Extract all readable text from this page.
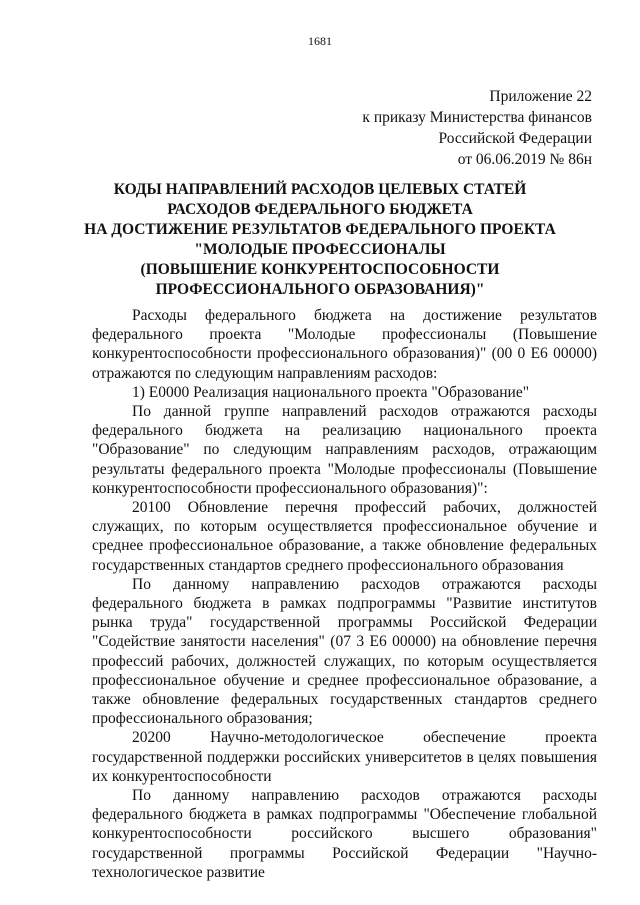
1681
Приложение 22
к приказу Министерства финансов
Российской Федерации
от 06.06.2019 № 86н
КОДЫ НАПРАВЛЕНИЙ РАСХОДОВ ЦЕЛЕВЫХ СТАТЕЙ
РАСХОДОВ ФЕДЕРАЛЬНОГО БЮДЖЕТА
НА ДОСТИЖЕНИЕ РЕЗУЛЬТАТОВ ФЕДЕРАЛЬНОГО ПРОЕКТА
"МОЛОДЫЕ ПРОФЕССИОНАЛЫ
(ПОВЫШЕНИЕ КОНКУРЕНТОСПОСОБНОСТИ
ПРОФЕССИОНАЛЬНОГО ОБРАЗОВАНИЯ)"

Расходы федерального бюджета на достижение результатов федерального проекта "Молодые профессионалы (Повышение конкурентоспособности профессионального образования)" (00 0 Е6 00000) отражаются по следующим направлениям расходов:

1) Е0000 Реализация национального проекта "Образование"

По данной группе направлений расходов отражаются расходы федерального бюджета на реализацию национального проекта "Образование" по следующим направлениям расходов, отражающим результаты федерального проекта "Молодые профессионалы (Повышение конкурентоспособности профессионального образования)":

20100 Обновление перечня профессий рабочих, должностей служащих, по которым осуществляется профессиональное обучение и среднее профессиональное образование, а также обновление федеральных государственных стандартов среднего профессионального образования

По данному направлению расходов отражаются расходы федерального бюджета в рамках подпрограммы "Развитие институтов рынка труда" государственной программы Российской Федерации "Содействие занятости населения" (07 3 Е6 00000) на обновление перечня профессий рабочих, должностей служащих, по которым осуществляется профессиональное обучение и среднее профессиональное образование, а также обновление федеральных государственных стандартов среднего профессионального образования;

20200 Научно-методологическое обеспечение проекта государственной поддержки российских университетов в целях повышения их конкурентоспособности

По данному направлению расходов отражаются расходы федерального бюджета в рамках подпрограммы "Обеспечение глобальной конкурентоспособности российского высшего образования" государственной программы Российской Федерации "Научно-технологическое развитие
